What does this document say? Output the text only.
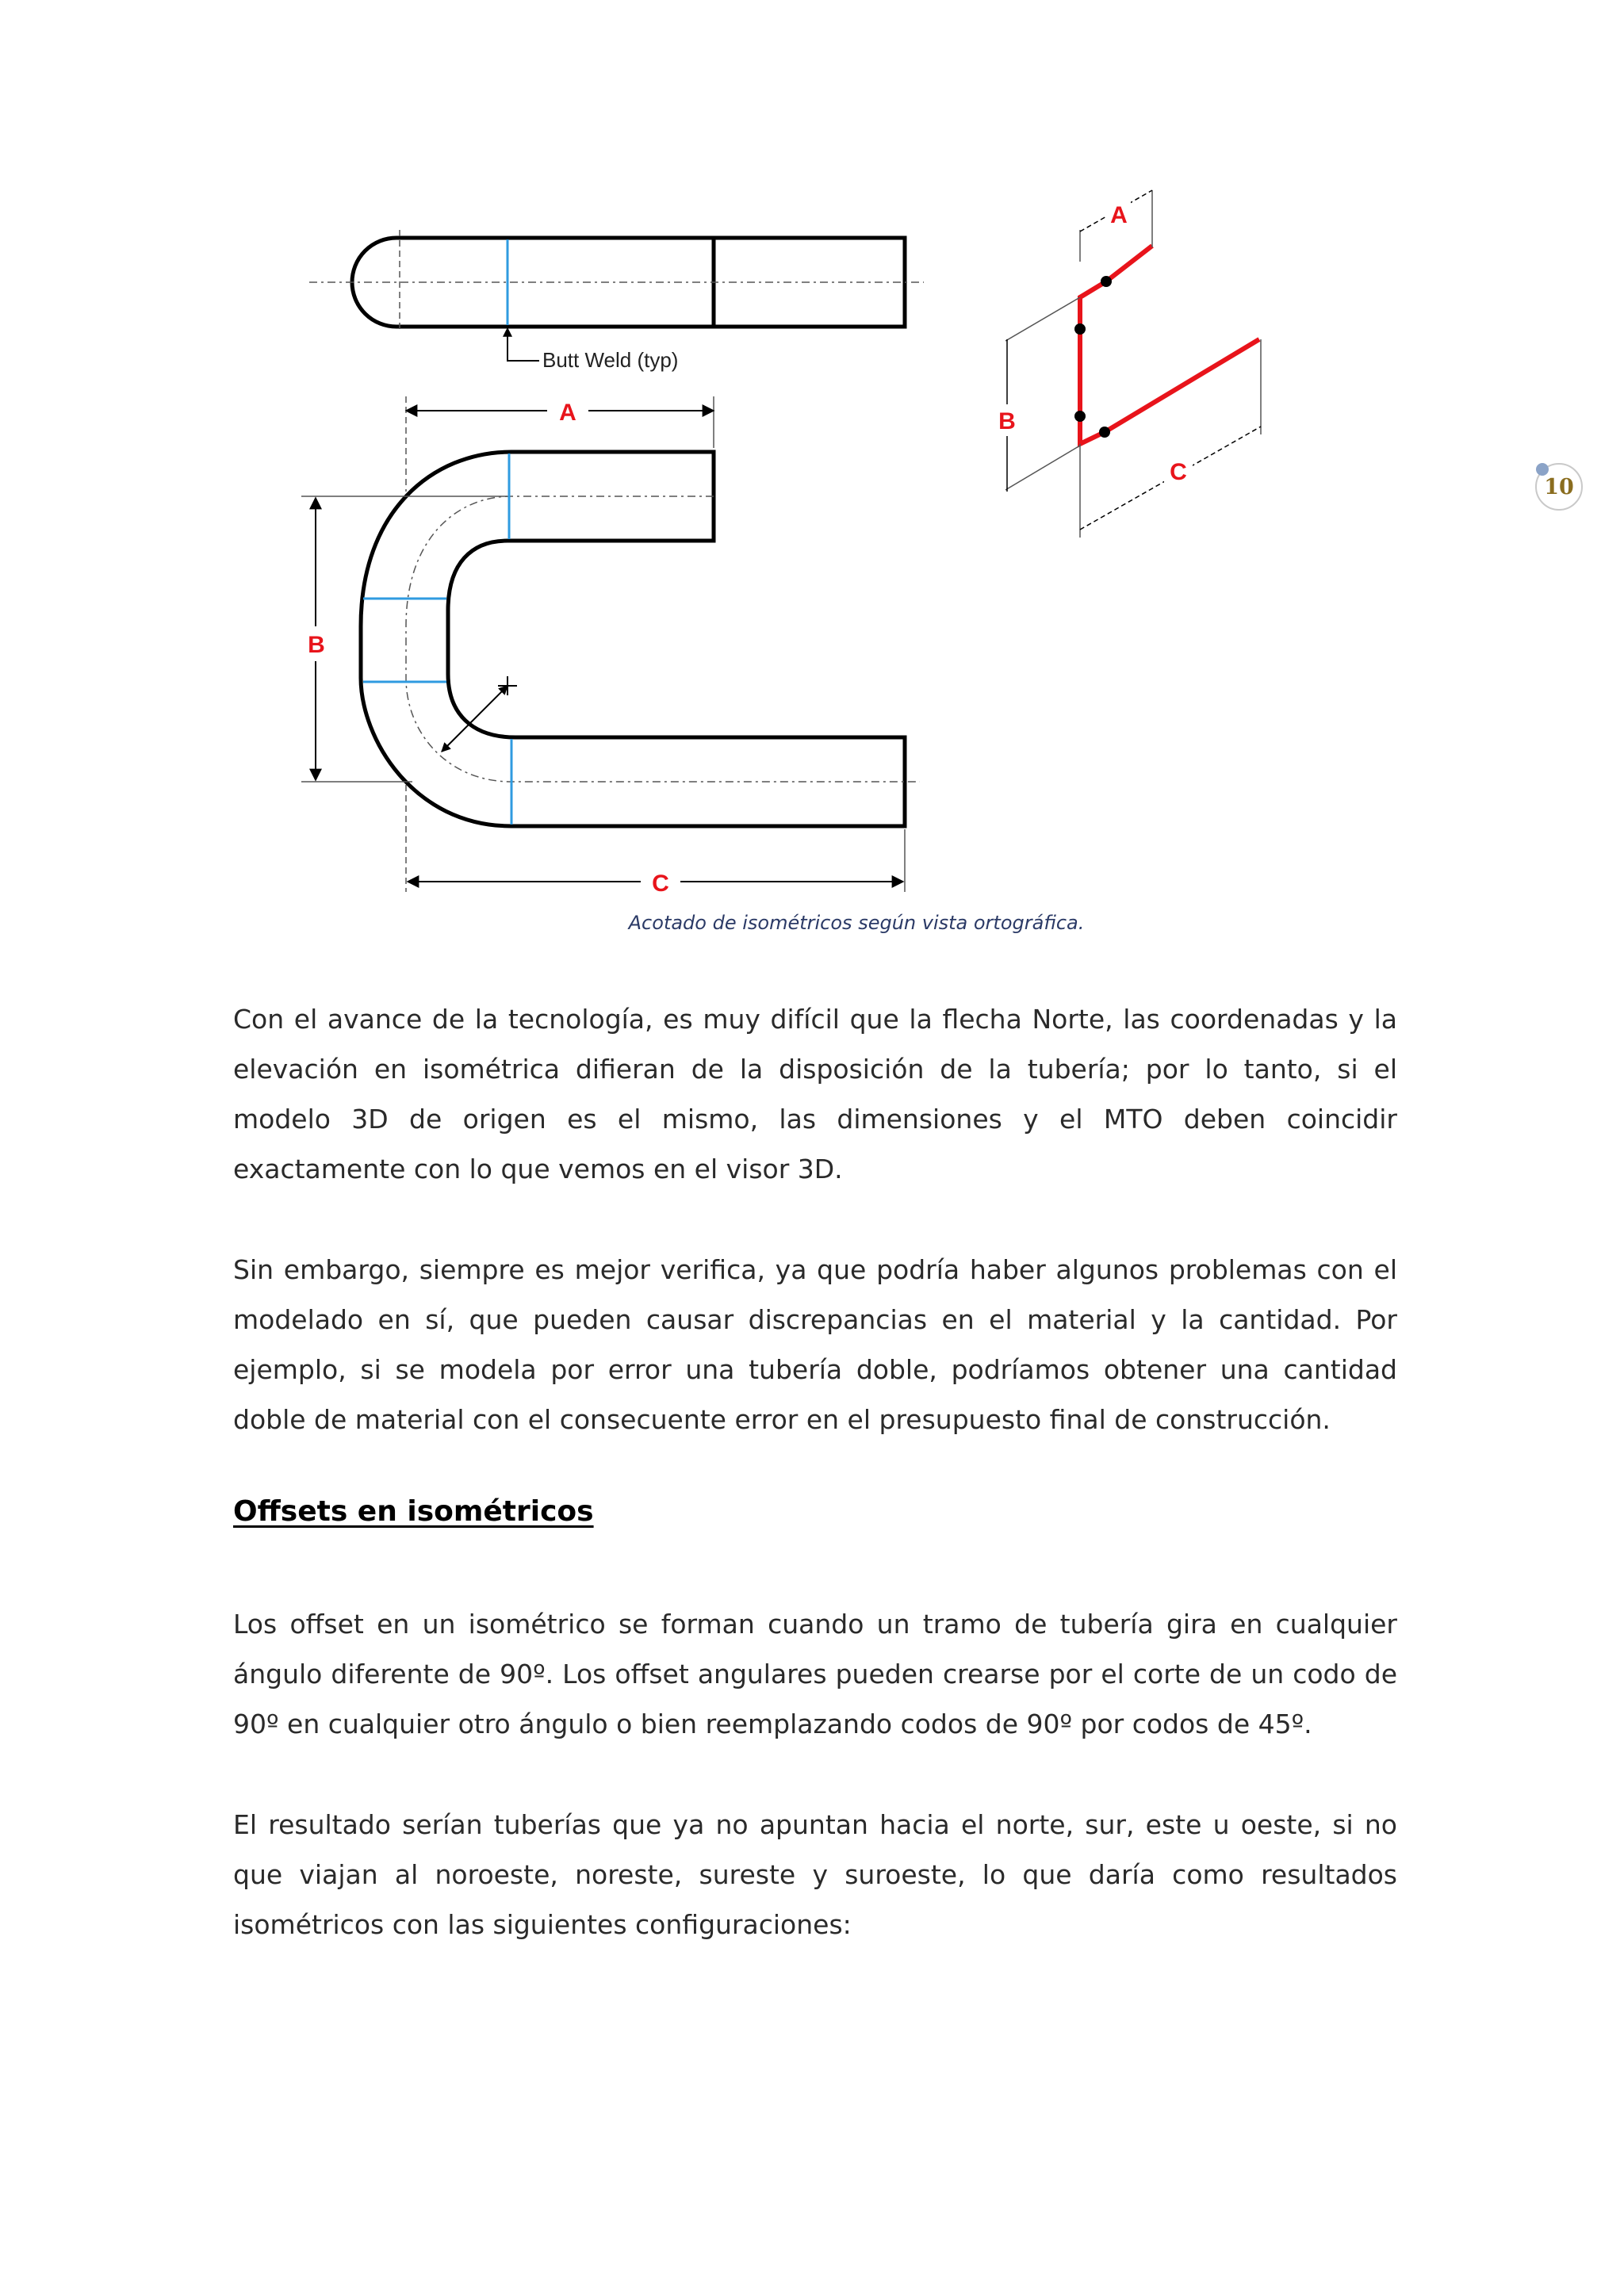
Butt Weld (typ)
A
B
C
A
B
C
Acotado de isométricos según vista ortográfica.
10

Con el avance de la tecnología, es muy difícil que la flecha Norte, las coordenadas y la elevación en isométrica difieran de la disposición de la tubería; por lo tanto, si el modelo 3D de origen es el mismo, las dimensiones y el MTO deben coincidir exactamente con lo que vemos en el visor 3D.

Sin embargo, siempre es mejor verifica, ya que podría haber algunos problemas con el modelado en sí, que pueden causar discrepancias en el material y la cantidad. Por ejemplo, si se modela por error una tubería doble, podríamos obtener una cantidad doble de material con el consecuente error en el presupuesto final de construcción.

Offsets en isométricos

Los offset en un isométrico se forman cuando un tramo de tubería gira en cualquier ángulo diferente de 90º. Los offset angulares pueden crearse por el corte de un codo de 90º en cualquier otro ángulo o bien reemplazando codos de 90º por codos de 45º.

El resultado serían tuberías que ya no apuntan hacia el norte, sur, este u oeste, si no que viajan al noroeste, noreste, sureste y suroeste, lo que daría como resultados isométricos con las siguientes configuraciones:
